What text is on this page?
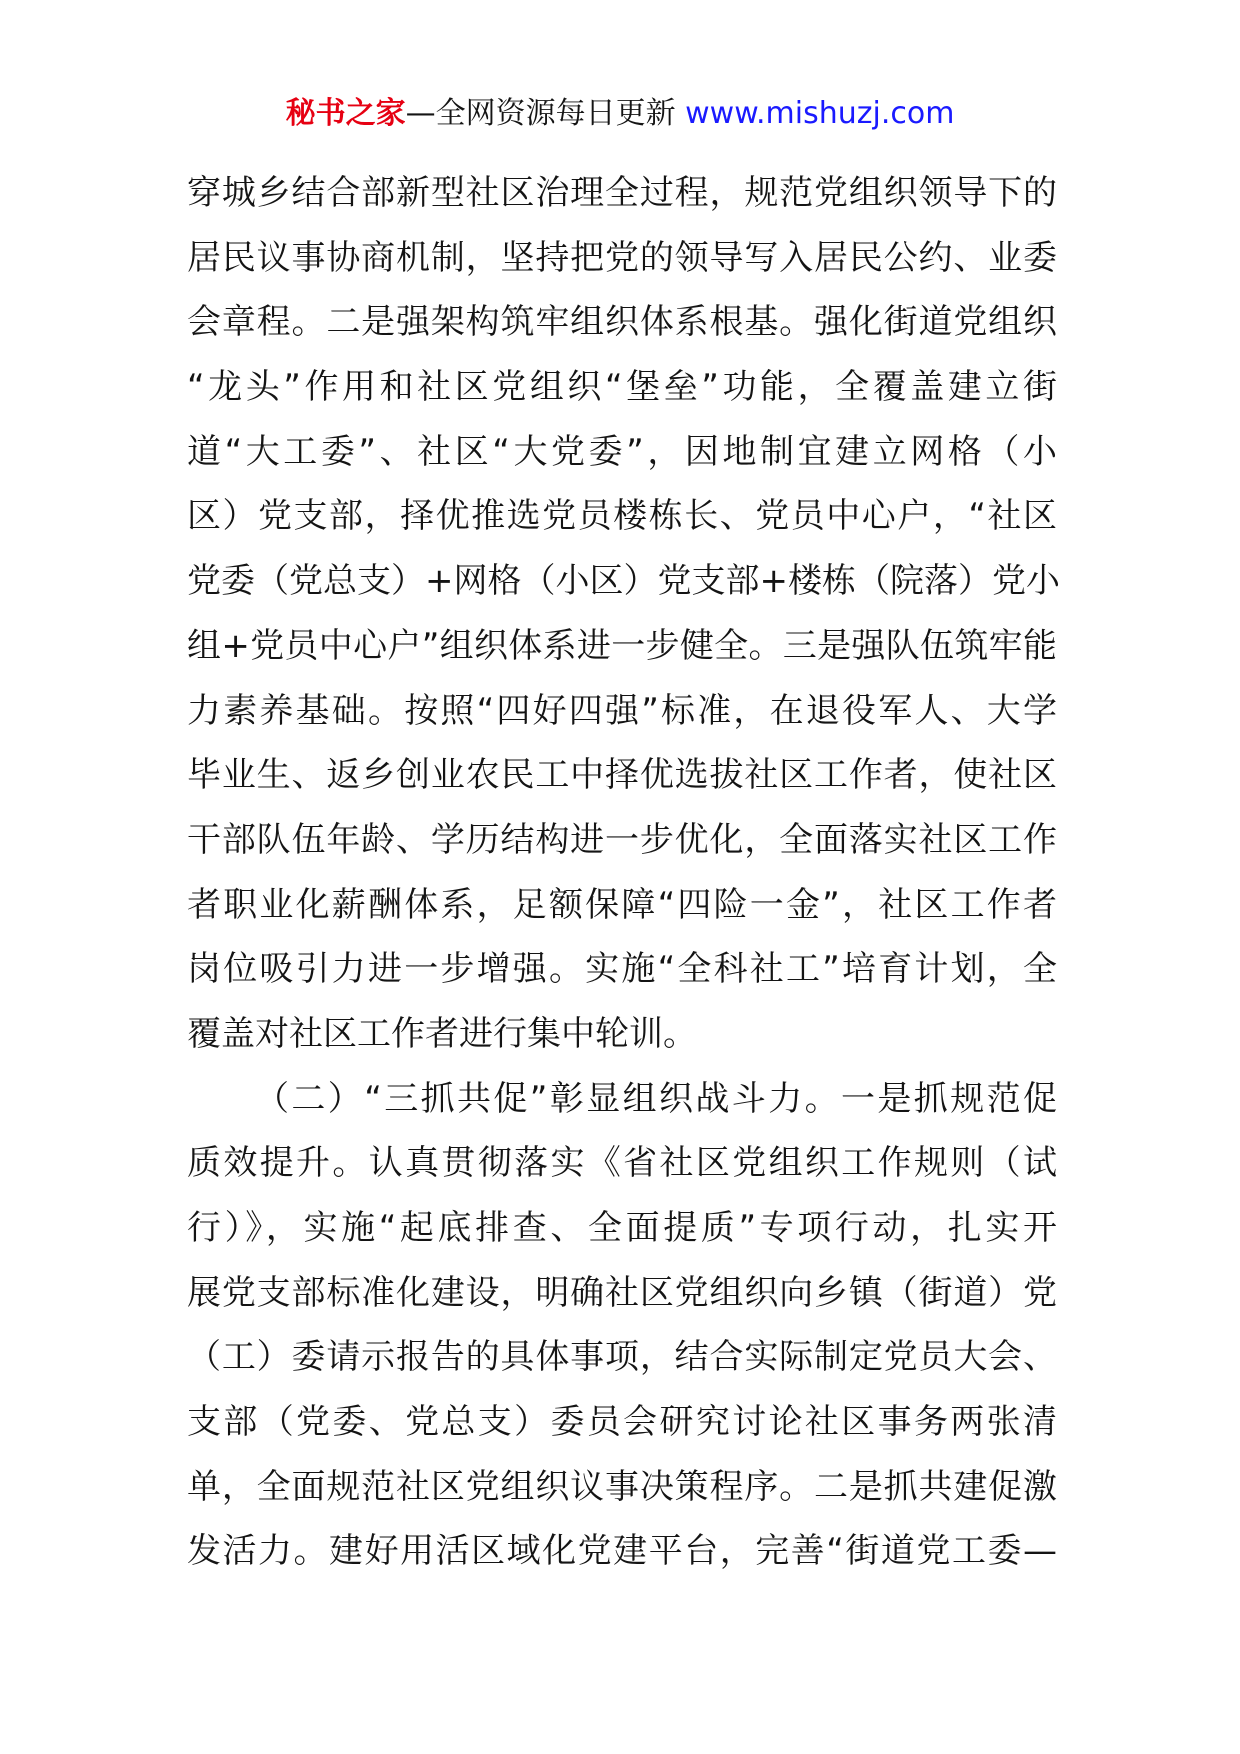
秘书之家—全网资源每日更新 www.mishuzj.com
穿城乡结合部新型社区治理全过程，规范党组织领导下的
居民议事协商机制，坚持把党的领导写入居民公约、业委
会章程。二是强架构筑牢组织体系根基。强化街道党组织
“龙头”作用和社区党组织“堡垒”功能，全覆盖建立街
道“大工委”、社区“大党委”，因地制宜建立网格（小
区）党支部，择优推选党员楼栋长、党员中心户，“社区
党委（党总支）+网格（小区）党支部+楼栋（院落）党小
组+党员中心户”组织体系进一步健全。三是强队伍筑牢能
力素养基础。按照“四好四强”标准，在退役军人、大学
毕业生、返乡创业农民工中择优选拔社区工作者，使社区
干部队伍年龄、学历结构进一步优化，全面落实社区工作
者职业化薪酬体系，足额保障“四险一金”，社区工作者
岗位吸引力进一步增强。实施“全科社工”培育计划，全
覆盖对社区工作者进行集中轮训。
（二）“三抓共促”彰显组织战斗力。一是抓规范促
质效提升。认真贯彻落实《省社区党组织工作规则（试
行）》，实施“起底排查、全面提质”专项行动，扎实开
展党支部标准化建设，明确社区党组织向乡镇（街道）党
（工）委请示报告的具体事项，结合实际制定党员大会、
支部（党委、党总支）委员会研究讨论社区事务两张清
单，全面规范社区党组织议事决策程序。二是抓共建促激
发活力。建好用活区域化党建平台，完善“街道党工委—
